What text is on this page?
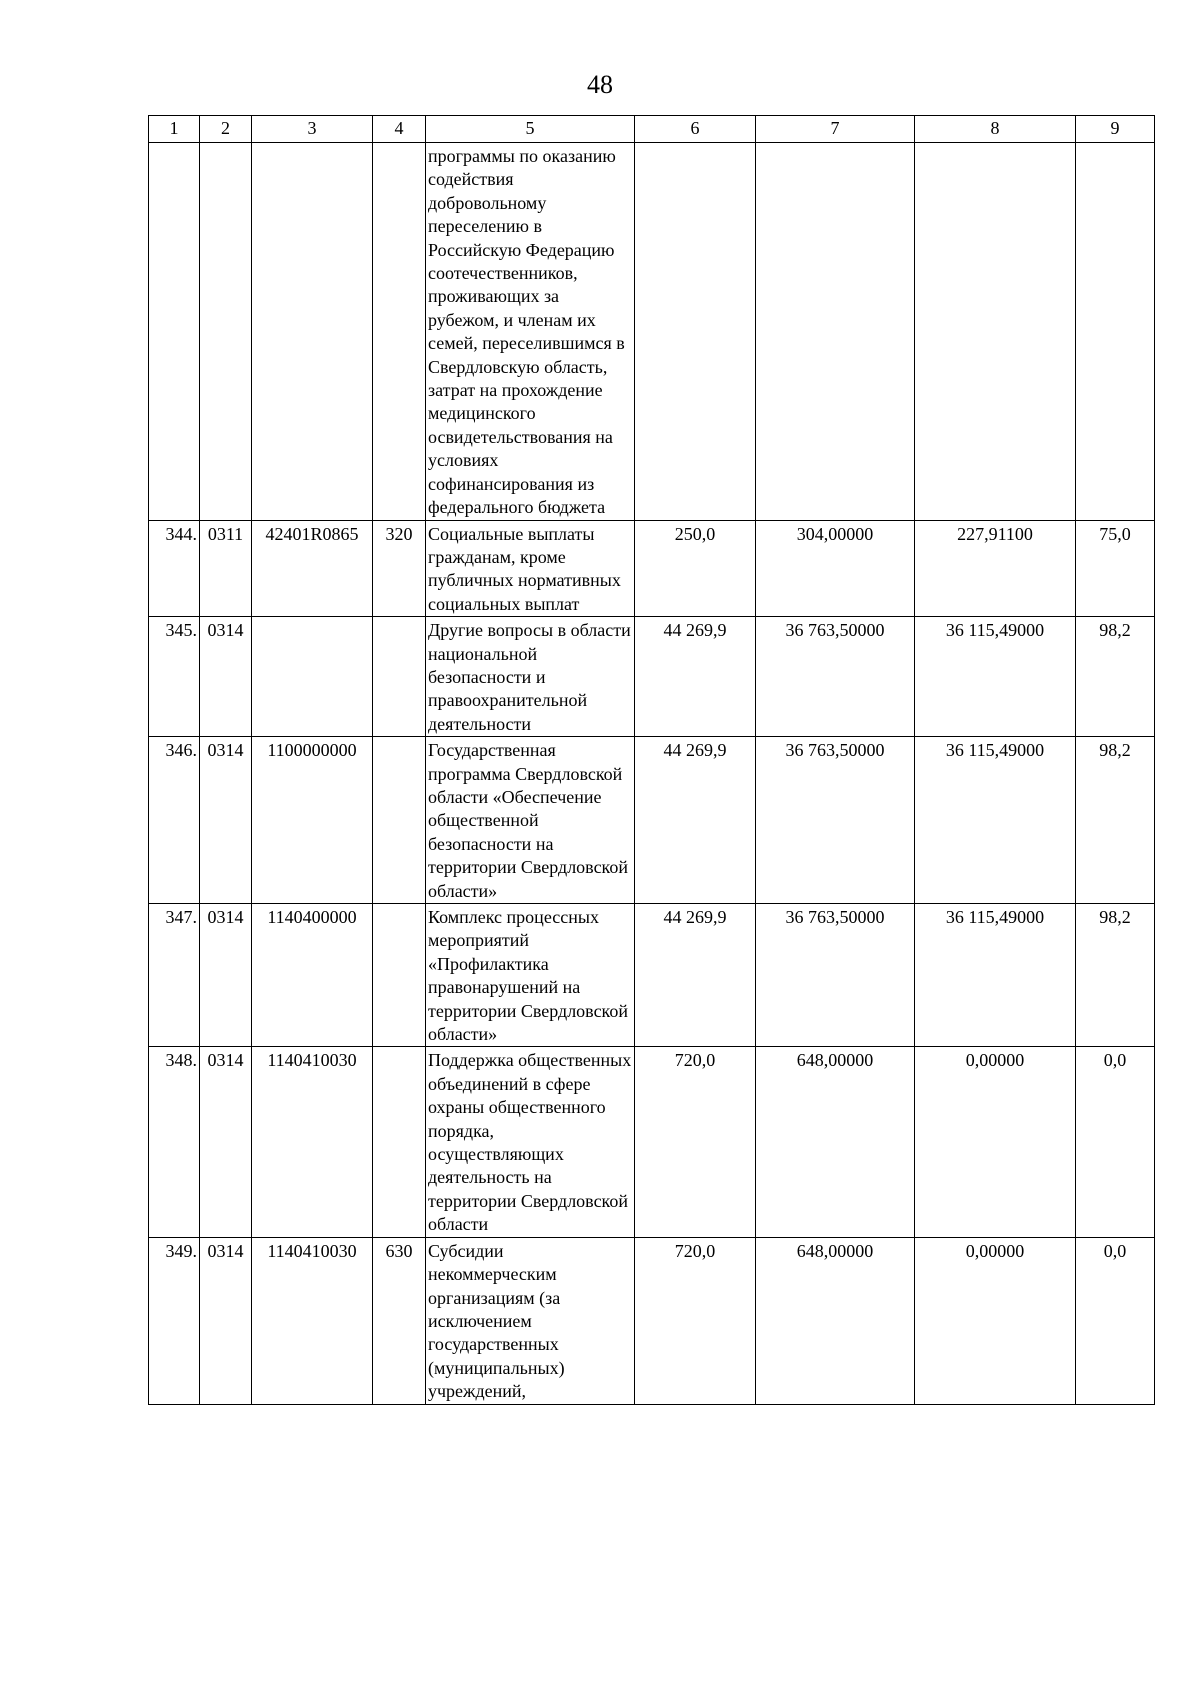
48
1	2	3	4	5	6	7	8	9
				программы по оказанию содействия добровольному переселению в Российскую Федерацию соотечественников, проживающих за рубежом, и членам их семей, переселившимся в Свердловскую область, затрат на прохождение медицинского освидетельствования на условиях софинансирования из федерального бюджета				
344.	0311	42401R0865	320	Социальные выплаты гражданам, кроме публичных нормативных социальных выплат	250,0	304,00000	227,91100	75,0
345.	0314			Другие вопросы в области национальной безопасности и правоохранительной деятельности	44 269,9	36 763,50000	36 115,49000	98,2
346.	0314	1100000000		Государственная программа Свердловской области «Обеспечение общественной безопасности на территории Свердловской области»	44 269,9	36 763,50000	36 115,49000	98,2
347.	0314	1140400000		Комплекс процессных мероприятий «Профилактика правонарушений на территории Свердловской области»	44 269,9	36 763,50000	36 115,49000	98,2
348.	0314	1140410030		Поддержка общественных объединений в сфере охраны общественного порядка, осуществляющих деятельность на территории Свердловской области	720,0	648,00000	0,00000	0,0
349.	0314	1140410030	630	Субсидии некоммерческим организациям (за исключением государственных (муниципальных) учреждений,	720,0	648,00000	0,00000	0,0
